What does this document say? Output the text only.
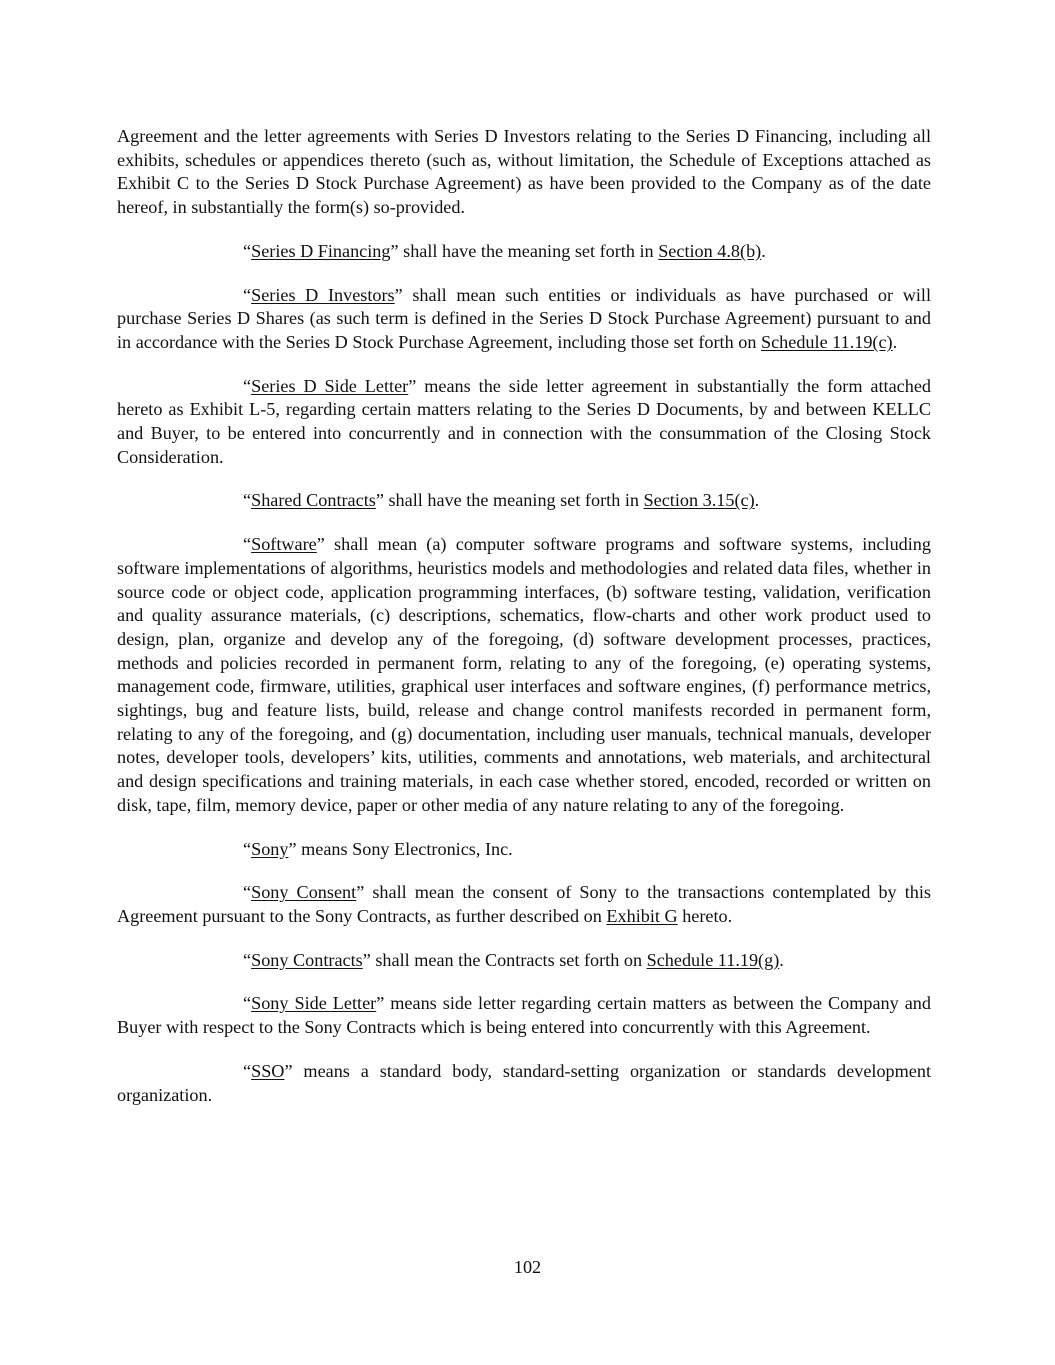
Agreement and the letter agreements with Series D Investors relating to the Series D Financing, including all exhibits, schedules or appendices thereto (such as, without limitation, the Schedule of Exceptions attached as Exhibit C to the Series D Stock Purchase Agreement) as have been provided to the Company as of the date hereof, in substantially the form(s) so-provided.

“Series D Financing” shall have the meaning set forth in Section 4.8(b).

“Series D Investors” shall mean such entities or individuals as have purchased or will purchase Series D Shares (as such term is defined in the Series D Stock Purchase Agreement) pursuant to and in accordance with the Series D Stock Purchase Agreement, including those set forth on Schedule 11.19(c).

“Series D Side Letter” means the side letter agreement in substantially the form attached hereto as Exhibit L-5, regarding certain matters relating to the Series D Documents, by and between KELLC and Buyer, to be entered into concurrently and in connection with the consummation of the Closing Stock Consideration.

“Shared Contracts” shall have the meaning set forth in Section 3.15(c).

“Software” shall mean (a) computer software programs and software systems, including software implementations of algorithms, heuristics models and methodologies and related data files, whether in source code or object code, application programming interfaces, (b) software testing, validation, verification and quality assurance materials, (c) descriptions, schematics, flow-charts and other work product used to design, plan, organize and develop any of the foregoing, (d) software development processes, practices, methods and policies recorded in permanent form, relating to any of the foregoing, (e) operating systems, management code, firmware, utilities, graphical user interfaces and software engines, (f) performance metrics, sightings, bug and feature lists, build, release and change control manifests recorded in permanent form, relating to any of the foregoing, and (g) documentation, including user manuals, technical manuals, developer notes, developer tools, developers’ kits, utilities, comments and annotations, web materials, and architectural and design specifications and training materials, in each case whether stored, encoded, recorded or written on disk, tape, film, memory device, paper or other media of any nature relating to any of the foregoing.

“Sony” means Sony Electronics, Inc.

“Sony Consent” shall mean the consent of Sony to the transactions contemplated by this Agreement pursuant to the Sony Contracts, as further described on Exhibit G hereto.

“Sony Contracts” shall mean the Contracts set forth on Schedule 11.19(g).

“Sony Side Letter” means side letter regarding certain matters as between the Company and Buyer with respect to the Sony Contracts which is being entered into concurrently with this Agreement.

“SSO” means a standard body, standard-setting organization or standards development organization.

102
